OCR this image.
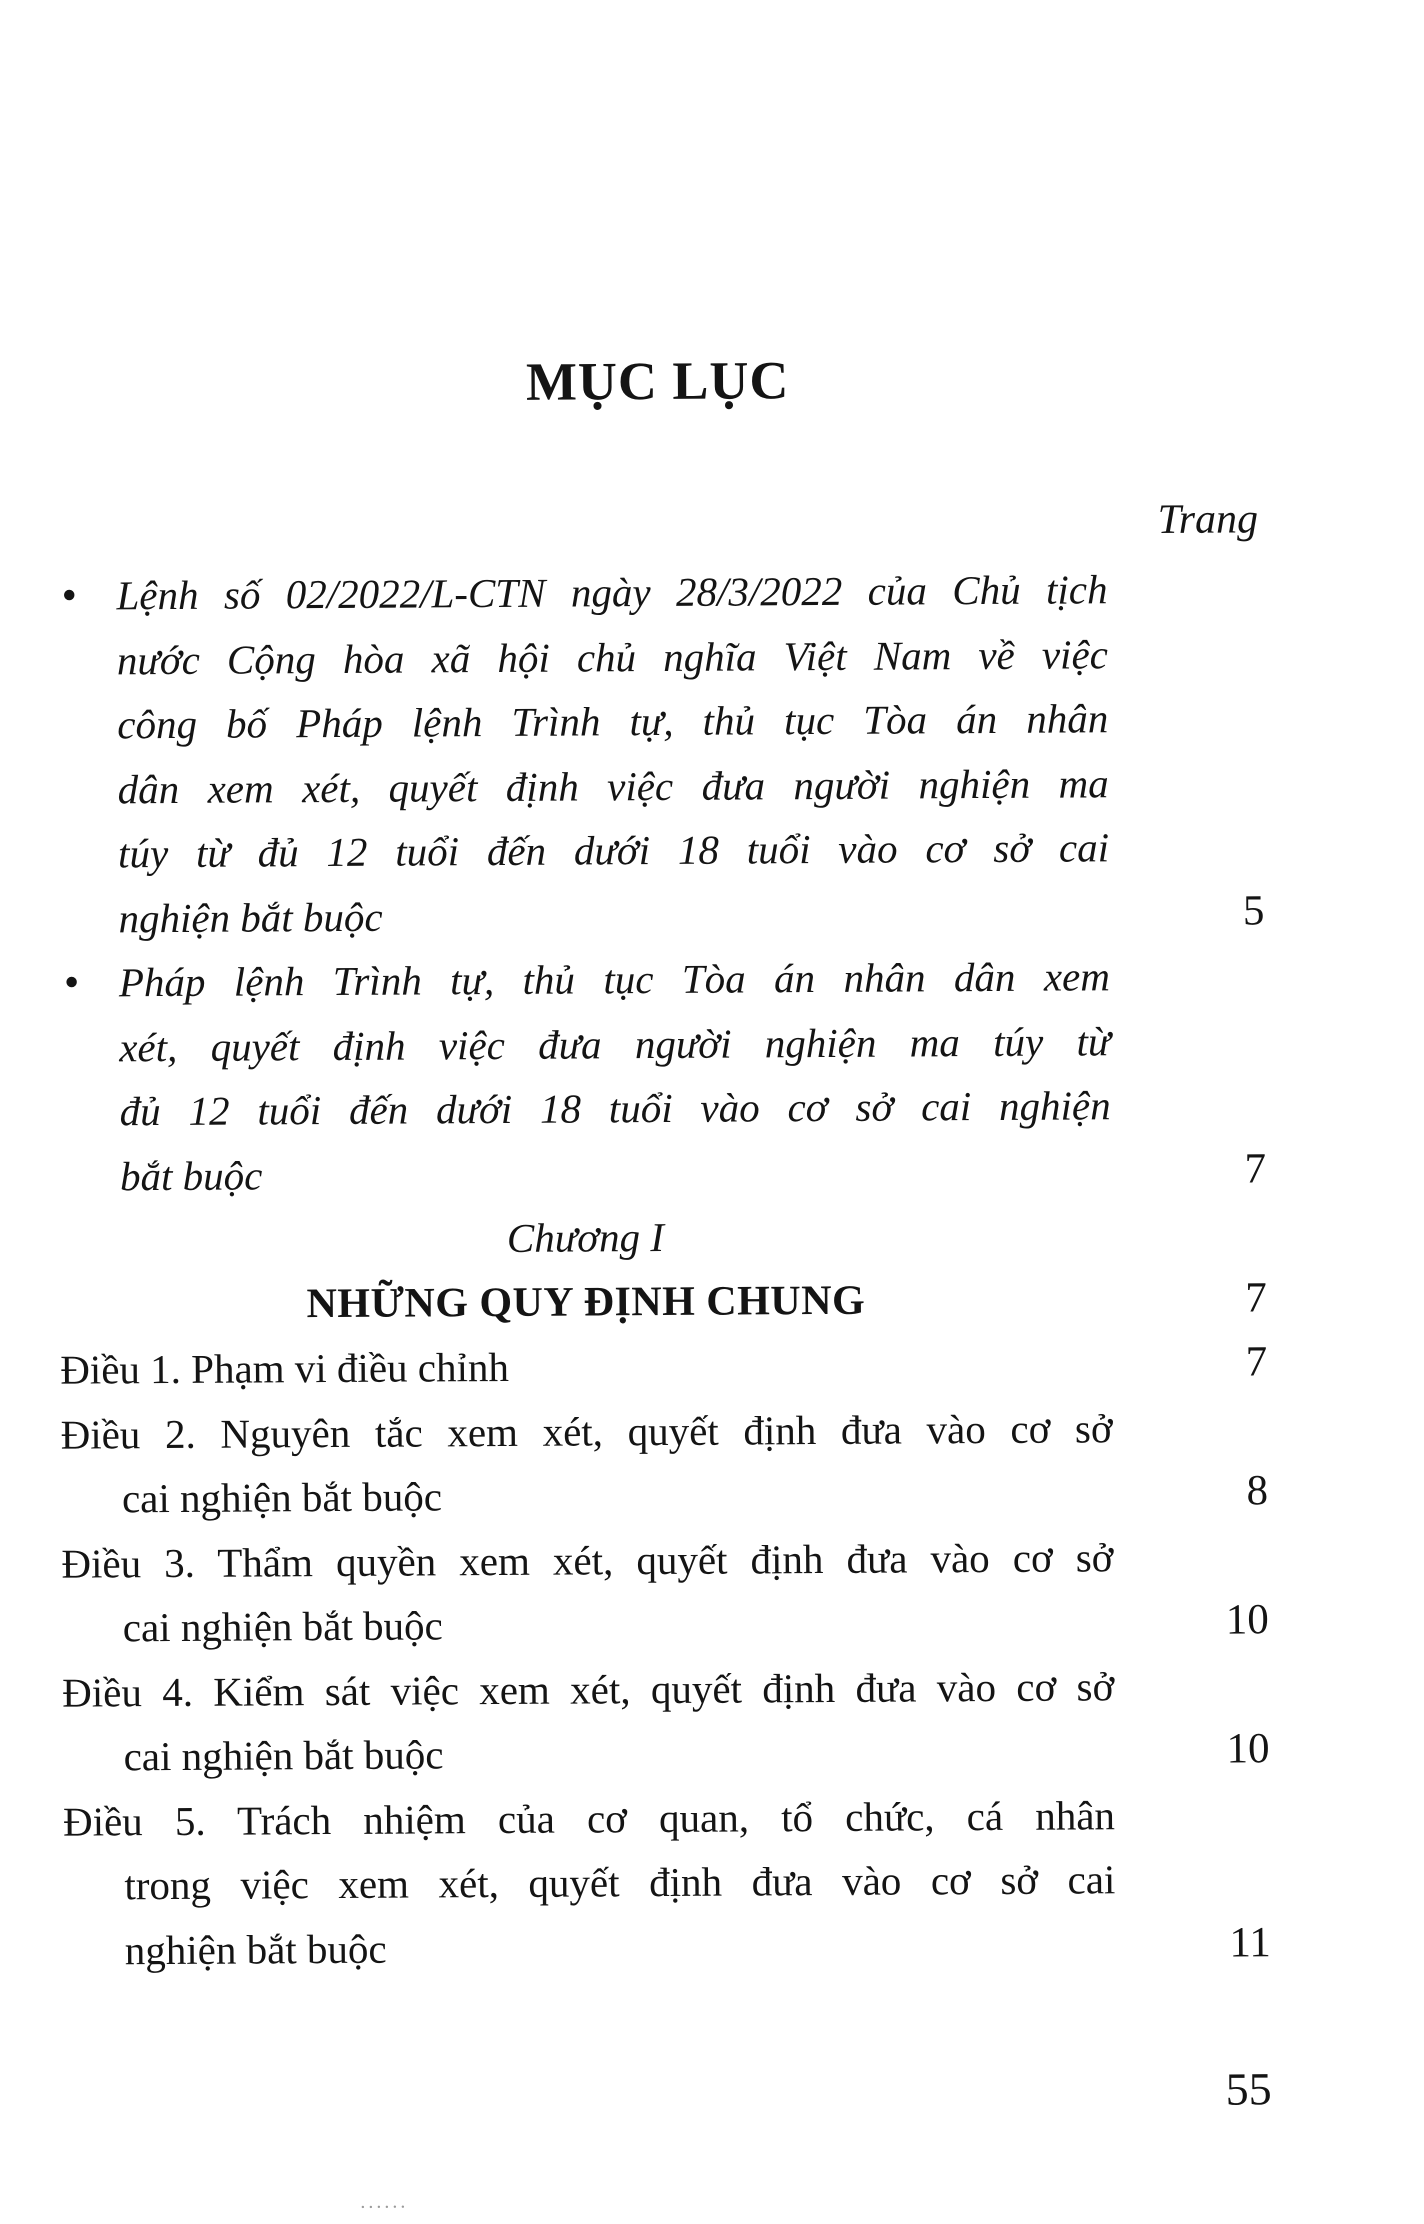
MỤC LỤC
Trang
• Lệnh số 02/2022/L-CTN ngày 28/3/2022 của Chủ tịch
nước Cộng hòa xã hội chủ nghĩa Việt Nam về việc
công bố Pháp lệnh Trình tự, thủ tục Tòa án nhân
dân xem xét, quyết định việc đưa người nghiện ma
túy từ đủ 12 tuổi đến dưới 18 tuổi vào cơ sở cai
nghiện bắt buộc	5
• Pháp lệnh Trình tự, thủ tục Tòa án nhân dân xem
xét, quyết định việc đưa người nghiện ma túy từ
đủ 12 tuổi đến dưới 18 tuổi vào cơ sở cai nghiện
bắt buộc	7
Chương I
NHỮNG QUY ĐỊNH CHUNG	7
Điều 1. Phạm vi điều chỉnh	7
Điều 2. Nguyên tắc xem xét, quyết định đưa vào cơ sở
cai nghiện bắt buộc	8
Điều 3. Thẩm quyền xem xét, quyết định đưa vào cơ sở
cai nghiện bắt buộc	10
Điều 4. Kiểm sát việc xem xét, quyết định đưa vào cơ sở
cai nghiện bắt buộc	10
Điều 5. Trách nhiệm của cơ quan, tổ chức, cá nhân
trong việc xem xét, quyết định đưa vào cơ sở cai
nghiện bắt buộc	11
55
......
